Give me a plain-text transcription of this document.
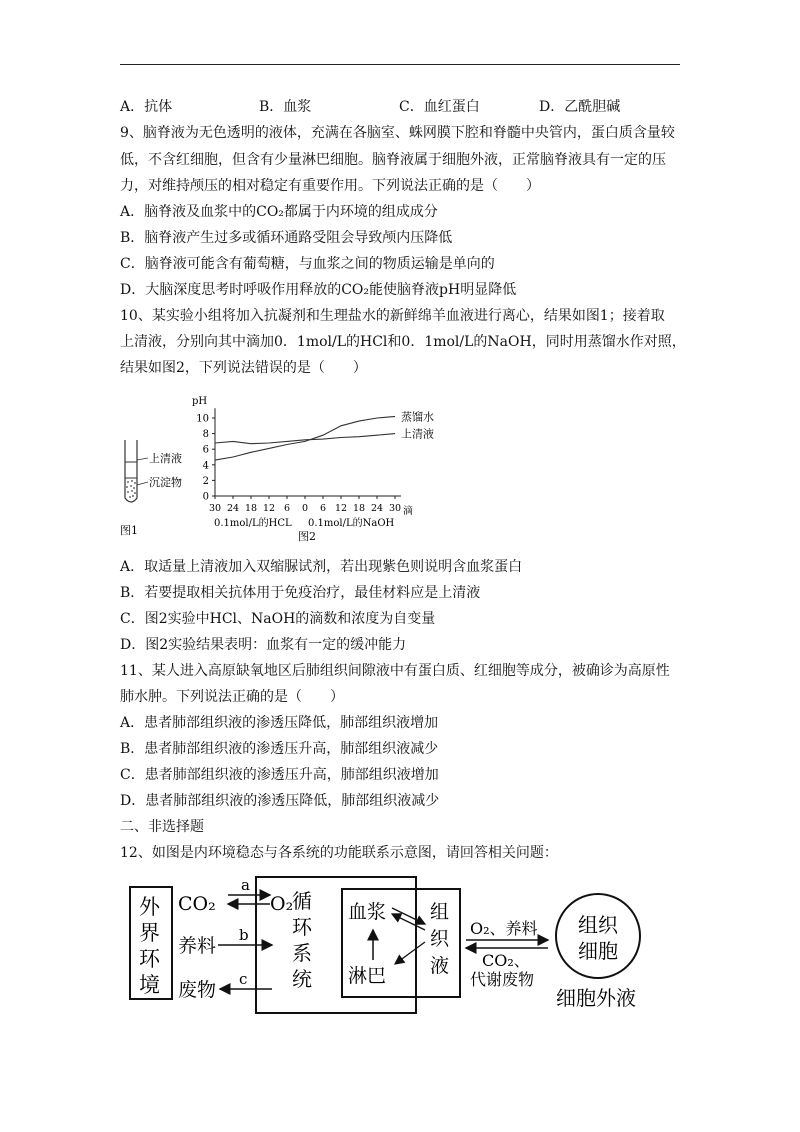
A．抗体	B．血浆	C．血红蛋白	D．乙酰胆碱
9、脑脊液为无色透明的液体，充满在各脑室、蛛网膜下腔和脊髓中央管内，蛋白质含量较
低，不含红细胞，但含有少量淋巴细胞。脑脊液属于细胞外液，正常脑脊液具有一定的压
力，对维持颅压的相对稳定有重要作用。下列说法正确的是（　　）
A．脑脊液及血浆中的CO₂都属于内环境的组成成分
B．脑脊液产生过多或循环通路受阻会导致颅内压降低
C．脑脊液可能含有葡萄糖，与血浆之间的物质运输是单向的
D．大脑深度思考时呼吸作用释放的CO₂能使脑脊液pH明显降低
10、某实验小组将加入抗凝剂和生理盐水的新鲜绵羊血液进行离心，结果如图1；接着取
上清液，分别向其中滴加0．1mol/L的HCl和0．1mol/L的NaOH，同时用蒸馏水作对照，
结果如图2，下列说法错误的是（　　）
上清液
沉淀物
图1
pH
0
2
4
6
8
10
30 24 18 12 6 0 6 12 18 24 30
蒸馏水
上清液
滴
0.1mol/L的HCL 0.1mol/L的NaOH
图2
A．取适量上清液加入双缩脲试剂，若出现紫色则说明含血浆蛋白
B．若要提取相关抗体用于免疫治疗，最佳材料应是上清液
C．图2实验中HCl、NaOH的滴数和浓度为自变量
D．图2实验结果表明：血浆有一定的缓冲能力
11、某人进入高原缺氧地区后肺组织间隙液中有蛋白质、红细胞等成分，被确诊为高原性
肺水肿。下列说法正确的是（　　）
A．患者肺部组织液的渗透压降低，肺部组织液增加
B．患者肺部组织液的渗透压升高，肺部组织液减少
C．患者肺部组织液的渗透压升高，肺部组织液增加
D．患者肺部组织液的渗透压降低，肺部组织液减少
二、非选择题
12、如图是内环境稳态与各系统的功能联系示意图，请回答相关问题：
外
界
环
境
CO₂
a
O₂
养料 b
废物 c
循
环
系
统
血浆
淋巴
组
织
液
O₂、养料
CO₂、
代谢废物
组织
细胞
细胞外液
